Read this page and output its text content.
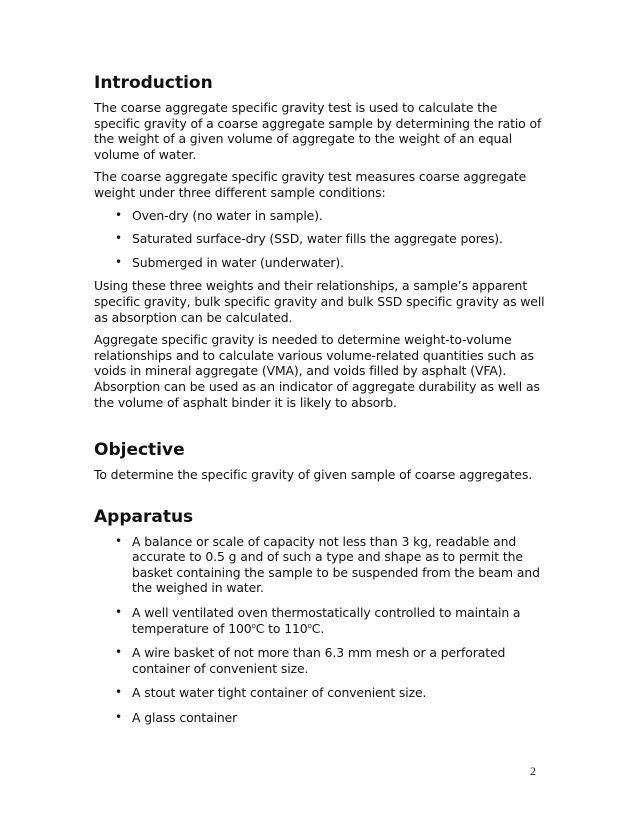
Introduction

The coarse aggregate specific gravity test is used to calculate the specific gravity of a coarse aggregate sample by determining the ratio of the weight of a given volume of aggregate to the weight of an equal volume of water.

The coarse aggregate specific gravity test measures coarse aggregate weight under three different sample conditions:

• Oven-dry (no water in sample).
• Saturated surface-dry (SSD, water fills the aggregate pores).
• Submerged in water (underwater).

Using these three weights and their relationships, a sample’s apparent specific gravity, bulk specific gravity and bulk SSD specific gravity as well as absorption can be calculated.

Aggregate specific gravity is needed to determine weight-to-volume relationships and to calculate various volume-related quantities such as voids in mineral aggregate (VMA), and voids filled by asphalt (VFA). Absorption can be used as an indicator of aggregate durability as well as the volume of asphalt binder it is likely to absorb.

Objective

To determine the specific gravity of given sample of coarse aggregates.

Apparatus
• A balance or scale of capacity not less than 3 kg, readable and accurate to 0.5 g and of such a type and shape as to permit the basket containing the sample to be suspended from the beam and the weighed in water.
• A well ventilated oven thermostatically controlled to maintain a temperature of 100$^o$C to 110$^o$C.
• A wire basket of not more than 6.3 mm mesh or a perforated container of convenient size.
• A stout water tight container of convenient size.
• A glass container
2
